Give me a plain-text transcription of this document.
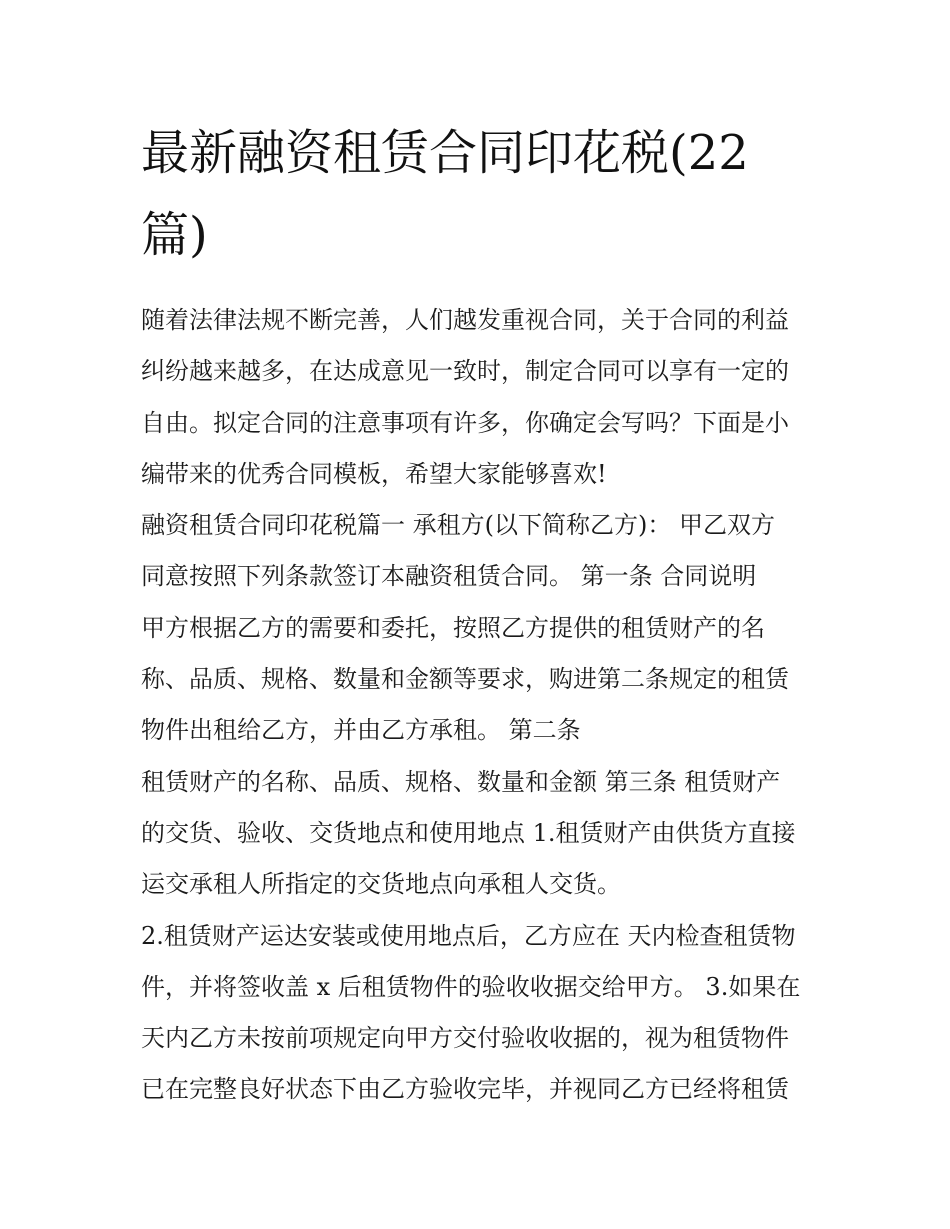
最新融资租赁合同印花税(22
篇)
随着法律法规不断完善，人们越发重视合同，关于合同的利益
纠纷越来越多，在达成意见一致时，制定合同可以享有一定的
自由。拟定合同的注意事项有许多，你确定会写吗？下面是小
编带来的优秀合同模板，希望大家能够喜欢!
融资租赁合同印花税篇一 承租方(以下简称乙方)： 甲乙双方
同意按照下列条款签订本融资租赁合同。 第一条 合同说明
甲方根据乙方的需要和委托，按照乙方提供的租赁财产的名
称、品质、规格、数量和金额等要求，购进第二条规定的租赁
物件出租给乙方，并由乙方承租。 第二条
租赁财产的名称、品质、规格、数量和金额 第三条 租赁财产
的交货、验收、交货地点和使用地点 1.租赁财产由供货方直接
运交承租人所指定的交货地点向承租人交货。
2.租赁财产运达安装或使用地点后，乙方应在 天内检查租赁物
件，并将签收盖 x 后租赁物件的验收收据交给甲方。 3.如果在
天内乙方未按前项规定向甲方交付验收收据的，视为租赁物件
已在完整良好状态下由乙方验收完毕，并视同乙方已经将租赁
